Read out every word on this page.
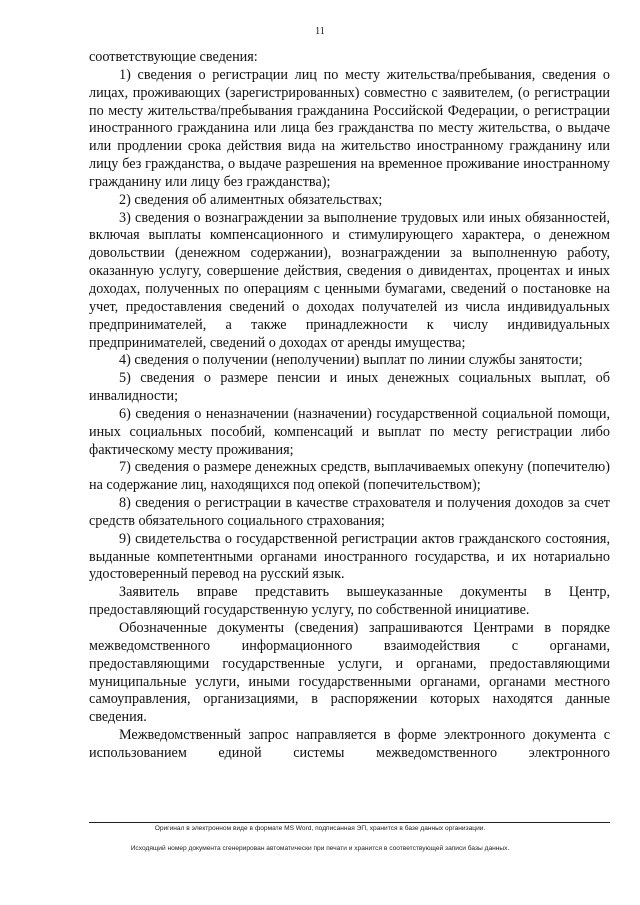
11

соответствующие сведения:

1) сведения о регистрации лиц по месту жительства/пребывания, сведения о лицах, проживающих (зарегистрированных) совместно с заявителем, (о регистрации по месту жительства/пребывания гражданина Российской Федерации, о регистрации иностранного гражданина или лица без гражданства по месту жительства, о выдаче или продлении срока действия вида на жительство иностранному гражданину или лицу без гражданства, о выдаче разрешения на временное проживание иностранному гражданину или лицу без гражданства);

2) сведения об алиментных обязательствах;

3) сведения о вознаграждении за выполнение трудовых или иных обязанностей, включая выплаты компенсационного и стимулирующего характера, о денежном довольствии (денежном содержании), вознаграждении за выполненную работу, оказанную услугу, совершение действия, сведения о дивидентах, процентах и иных доходах, полученных по операциям с ценными бумагами, сведений о постановке на учет, предоставления сведений о доходах получателей из числа индивидуальных предпринимателей, а также принадлежности к числу индивидуальных предпринимателей, сведений о доходах от аренды имущества;

4) сведения о получении (неполучении) выплат по линии службы занятости;

5) сведения о размере пенсии и иных денежных социальных выплат, об инвалидности;

6) сведения о неназначении (назначении) государственной социальной помощи, иных социальных пособий, компенсаций и выплат по месту регистрации либо фактическому месту проживания;

7) сведения о размере денежных средств, выплачиваемых опекуну (попечителю) на содержание лиц, находящихся под опекой (попечительством);

8) сведения о регистрации в качестве страхователя и получения доходов за счет средств обязательного социального страхования;

9) свидетельства о государственной регистрации актов гражданского состояния, выданные компетентными органами иностранного государства, и их нотариально удостоверенный перевод на русский язык.

Заявитель вправе представить вышеуказанные документы в Центр, предоставляющий государственную услугу, по собственной инициативе.

Обозначенные документы (сведения) запрашиваются Центрами в порядке межведомственного информационного взаимодействия с органами, предоставляющими государственные услуги, и органами, предоставляющими муниципальные услуги, иными государственными органами, органами местного самоуправления, организациями, в распоряжении которых находятся данные сведения.

Межведомственный запрос направляется в форме электронного документа с использованием единой системы межведомственного электронного

Оригинал в электронном виде в формате MS Word, подписанная ЭП, хранится в базе данных организации.
Исходящий номер документа сгенерирован автоматически при печати и хранится в соответствующей записи базы данных.
